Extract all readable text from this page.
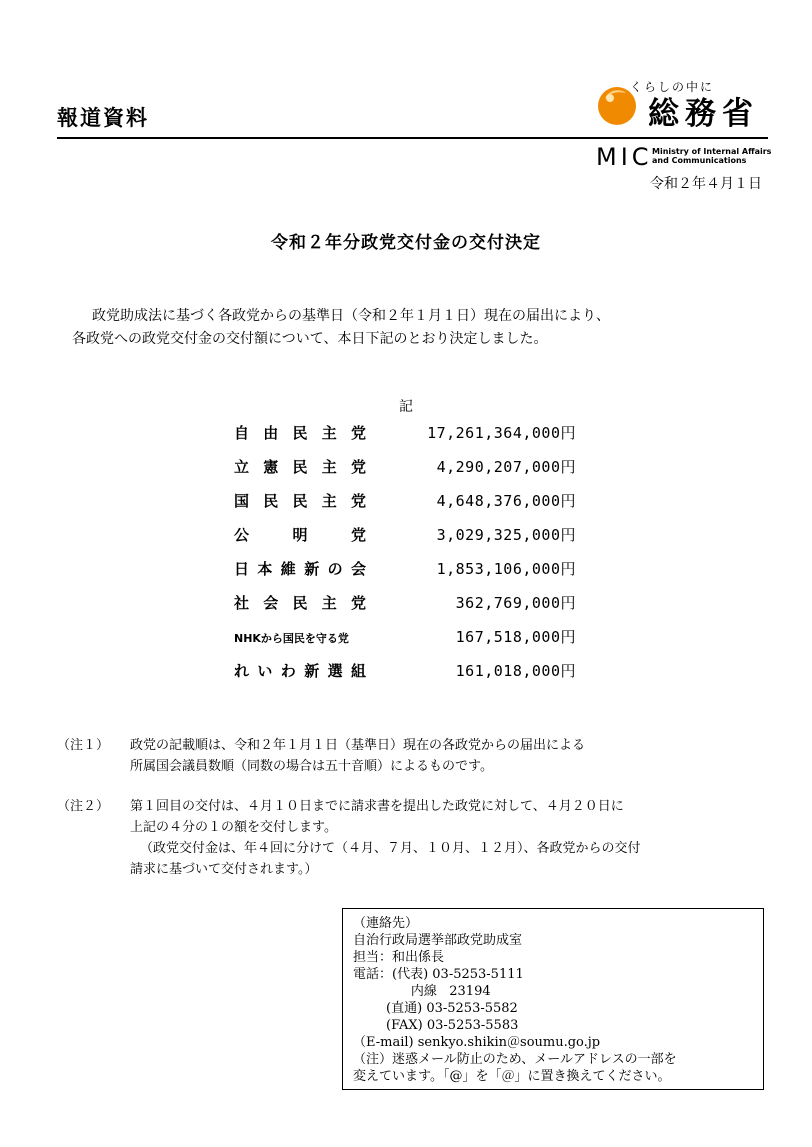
報道資料
くらしの中に
総務省
MIC Ministry of Internal Affairs
and Communications
令和２年４月１日
令和２年分政党交付金の交付決定
政党助成法に基づく各政党からの基準日（令和２年１月１日）現在の届出により、
各政党への政党交付金の交付額について、本日下記のとおり決定しました。
記
自由民主党	17,261,364,000円
立憲民主党	4,290,207,000円
国民民主党	4,648,376,000円
公明党	3,029,325,000円
日本維新の会	1,853,106,000円
社会民主党	362,769,000円
NHKから国民を守る党	167,518,000円
れいわ新選組	161,018,000円
（注１） 政党の記載順は、令和２年１月１日（基準日）現在の各政党からの届出による
所属国会議員数順（同数の場合は五十音順）によるものです。
（注２） 第１回目の交付は、４月１０日までに請求書を提出した政党に対して、４月２０日に
上記の４分の１の額を交付します。
（政党交付金は、年４回に分けて（４月、７月、１０月、１２月）、各政党からの交付
請求に基づいて交付されます。）
（連絡先）
自治行政局選挙部政党助成室
担当：和出係長
電話：(代表) 03-5253-5111
内線   23194
(直通) 03-5253-5582
(FAX) 03-5253-5583
（E-mail) senkyo.shikin＠soumu.go.jp
（注）迷惑メール防止のため、メールアドレスの一部を
変えています。「@」を「＠」に置き換えてください。
